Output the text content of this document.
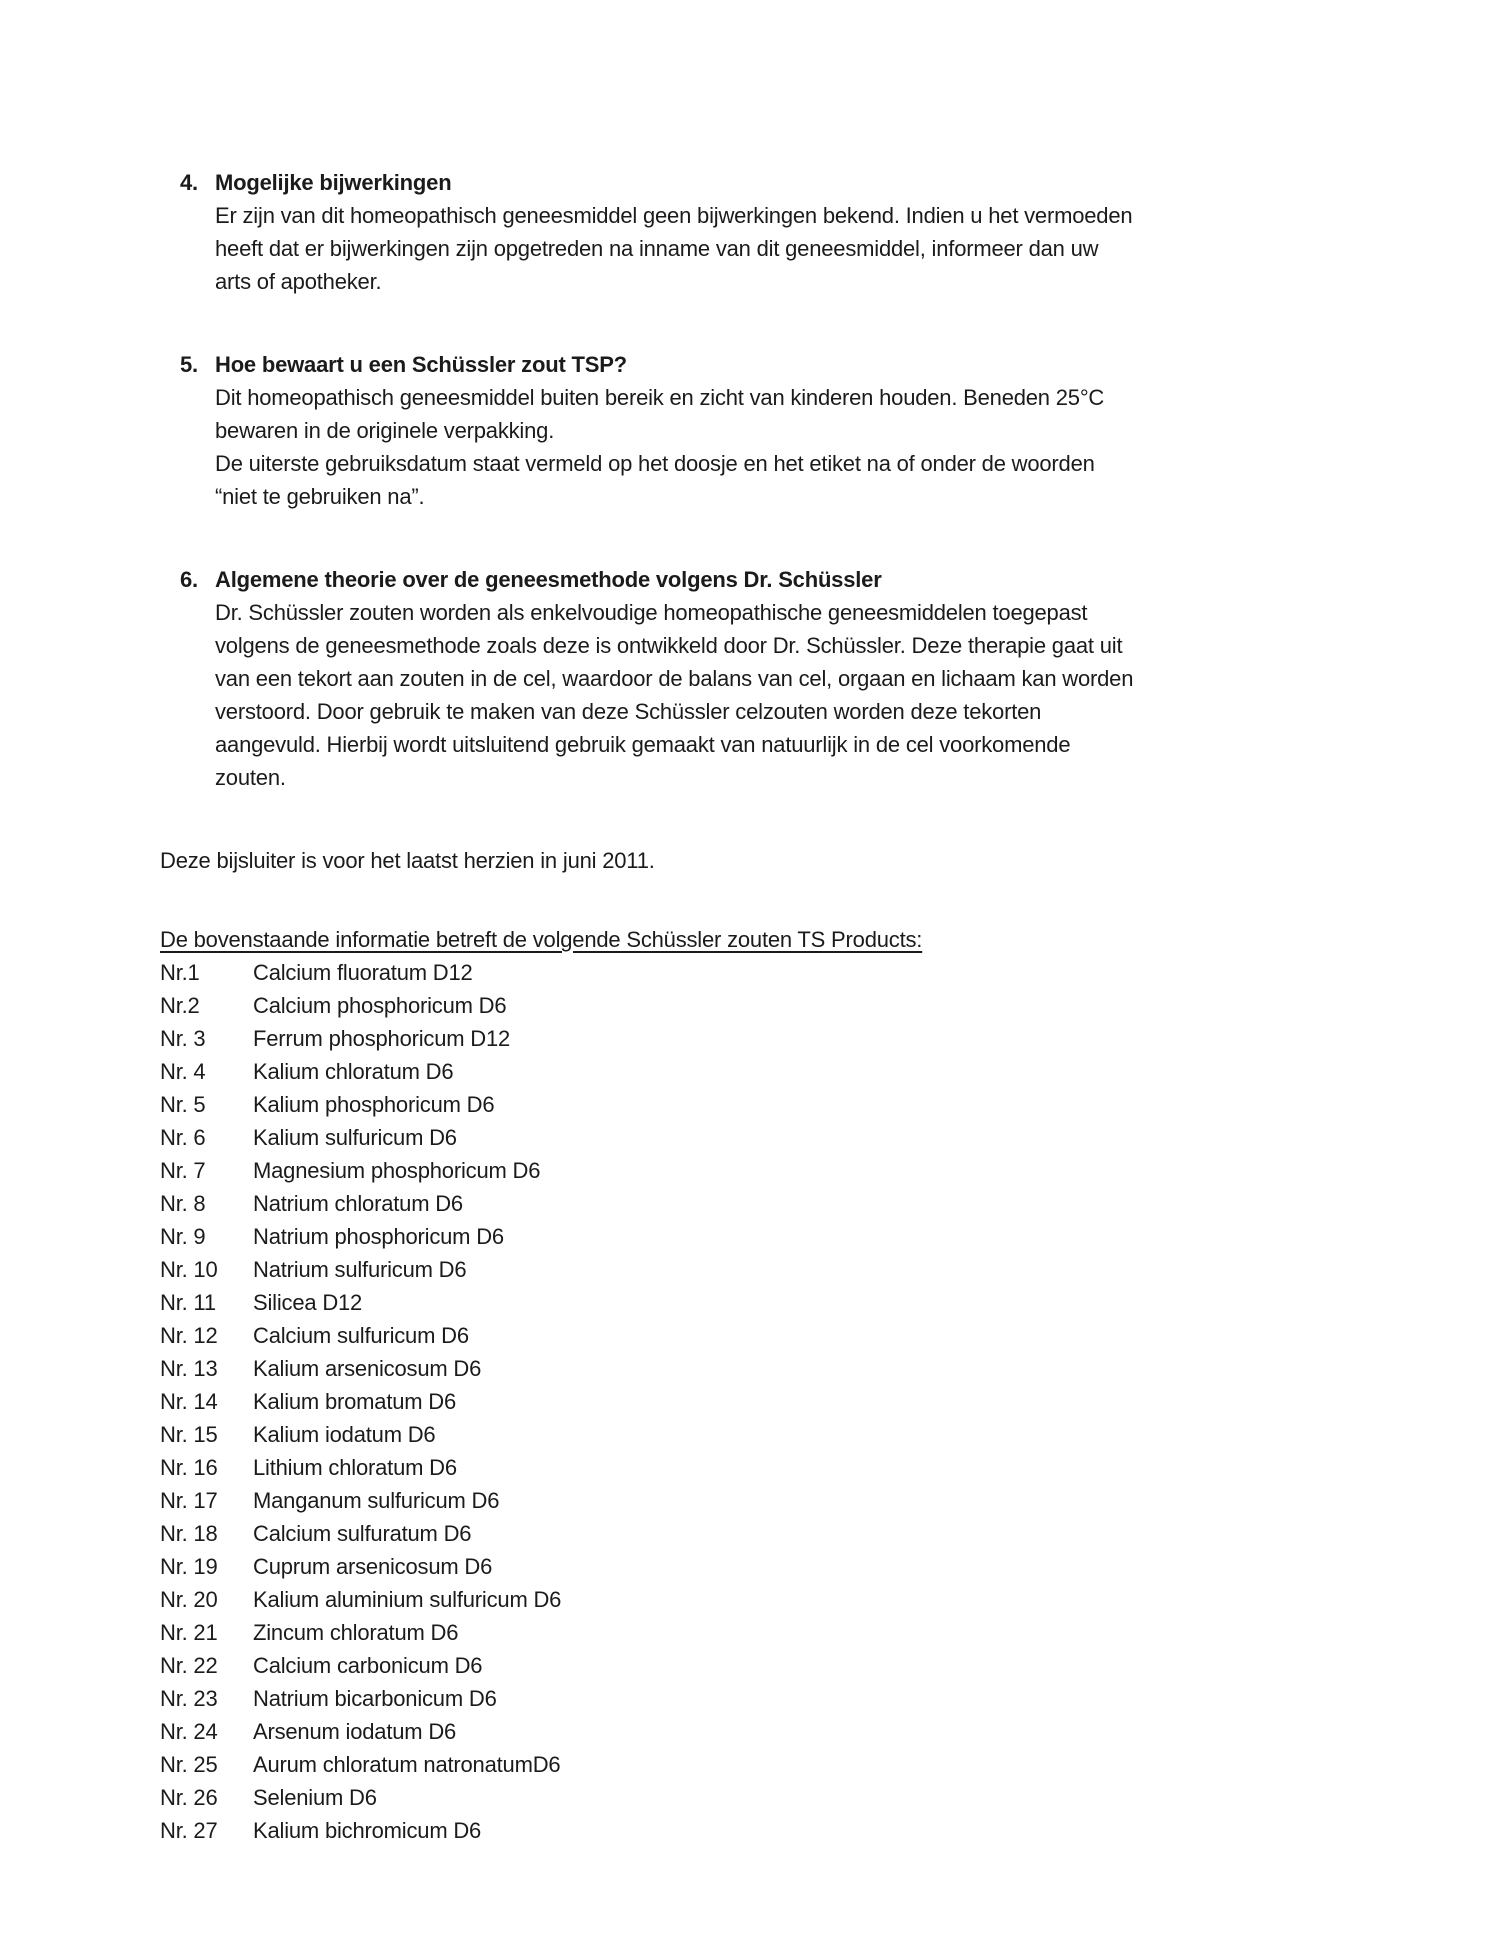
4. Mogelijke bijwerkingen
Er zijn van dit homeopathisch geneesmiddel geen bijwerkingen bekend. Indien u het vermoeden
heeft dat er bijwerkingen zijn opgetreden na inname van dit geneesmiddel, informeer dan uw
arts of apotheker.
5. Hoe bewaart u een Schüssler zout TSP?
Dit homeopathisch geneesmiddel buiten bereik en zicht van kinderen houden. Beneden 25°C
bewaren in de originele verpakking.
De uiterste gebruiksdatum staat vermeld op het doosje en het etiket na of onder de woorden
“niet te gebruiken na”.
6. Algemene theorie over de geneesmethode volgens Dr. Schüssler
Dr. Schüssler zouten worden als enkelvoudige homeopathische geneesmiddelen toegepast
volgens de geneesmethode zoals deze is ontwikkeld door Dr. Schüssler. Deze therapie gaat uit
van een tekort aan zouten in de cel, waardoor de balans van cel, orgaan en lichaam kan worden
verstoord. Door gebruik te maken van deze Schüssler celzouten worden deze tekorten
aangevuld. Hierbij wordt uitsluitend gebruik gemaakt van natuurlijk in de cel voorkomende
zouten.
Deze bijsluiter is voor het laatst herzien in juni 2011.
De bovenstaande informatie betreft de volgende Schüssler zouten TS Products:
Nr.1	Calcium fluoratum D12
Nr.2	Calcium phosphoricum D6
Nr. 3	Ferrum phosphoricum D12
Nr. 4	Kalium chloratum D6
Nr. 5	Kalium phosphoricum D6
Nr. 6	Kalium sulfuricum D6
Nr. 7	Magnesium phosphoricum D6
Nr. 8	Natrium chloratum D6
Nr. 9	Natrium phosphoricum D6
Nr. 10	Natrium sulfuricum D6
Nr. 11	Silicea D12
Nr. 12	Calcium sulfuricum D6
Nr. 13	Kalium arsenicosum D6
Nr. 14	Kalium bromatum D6
Nr. 15	Kalium iodatum D6
Nr. 16	Lithium chloratum D6
Nr. 17	Manganum sulfuricum D6
Nr. 18	Calcium sulfuratum D6
Nr. 19	Cuprum arsenicosum D6
Nr. 20	Kalium aluminium sulfuricum D6
Nr. 21	Zincum chloratum D6
Nr. 22	Calcium carbonicum D6
Nr. 23	Natrium bicarbonicum D6
Nr. 24	Arsenum iodatum D6
Nr. 25	Aurum chloratum natronatumD6
Nr. 26	Selenium D6
Nr. 27	Kalium bichromicum D6
